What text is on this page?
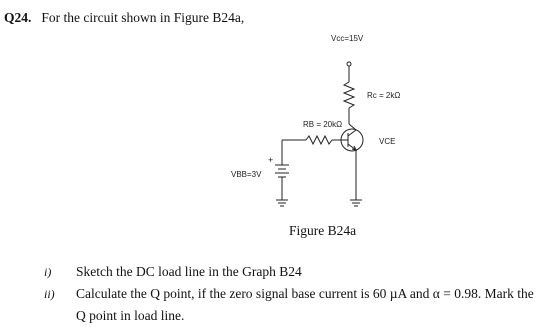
Q24. For the circuit shown in Figure B24a,
Vcc=15V
Rc = 2kΩ
RB = 20kΩ
VCE
VBB=3V
+
Figure B24a
i) Sketch the DC load line in the Graph B24
ii) Calculate the Q point, if the zero signal base current is 60 µA and α = 0.98. Mark the
Q point in load line.
